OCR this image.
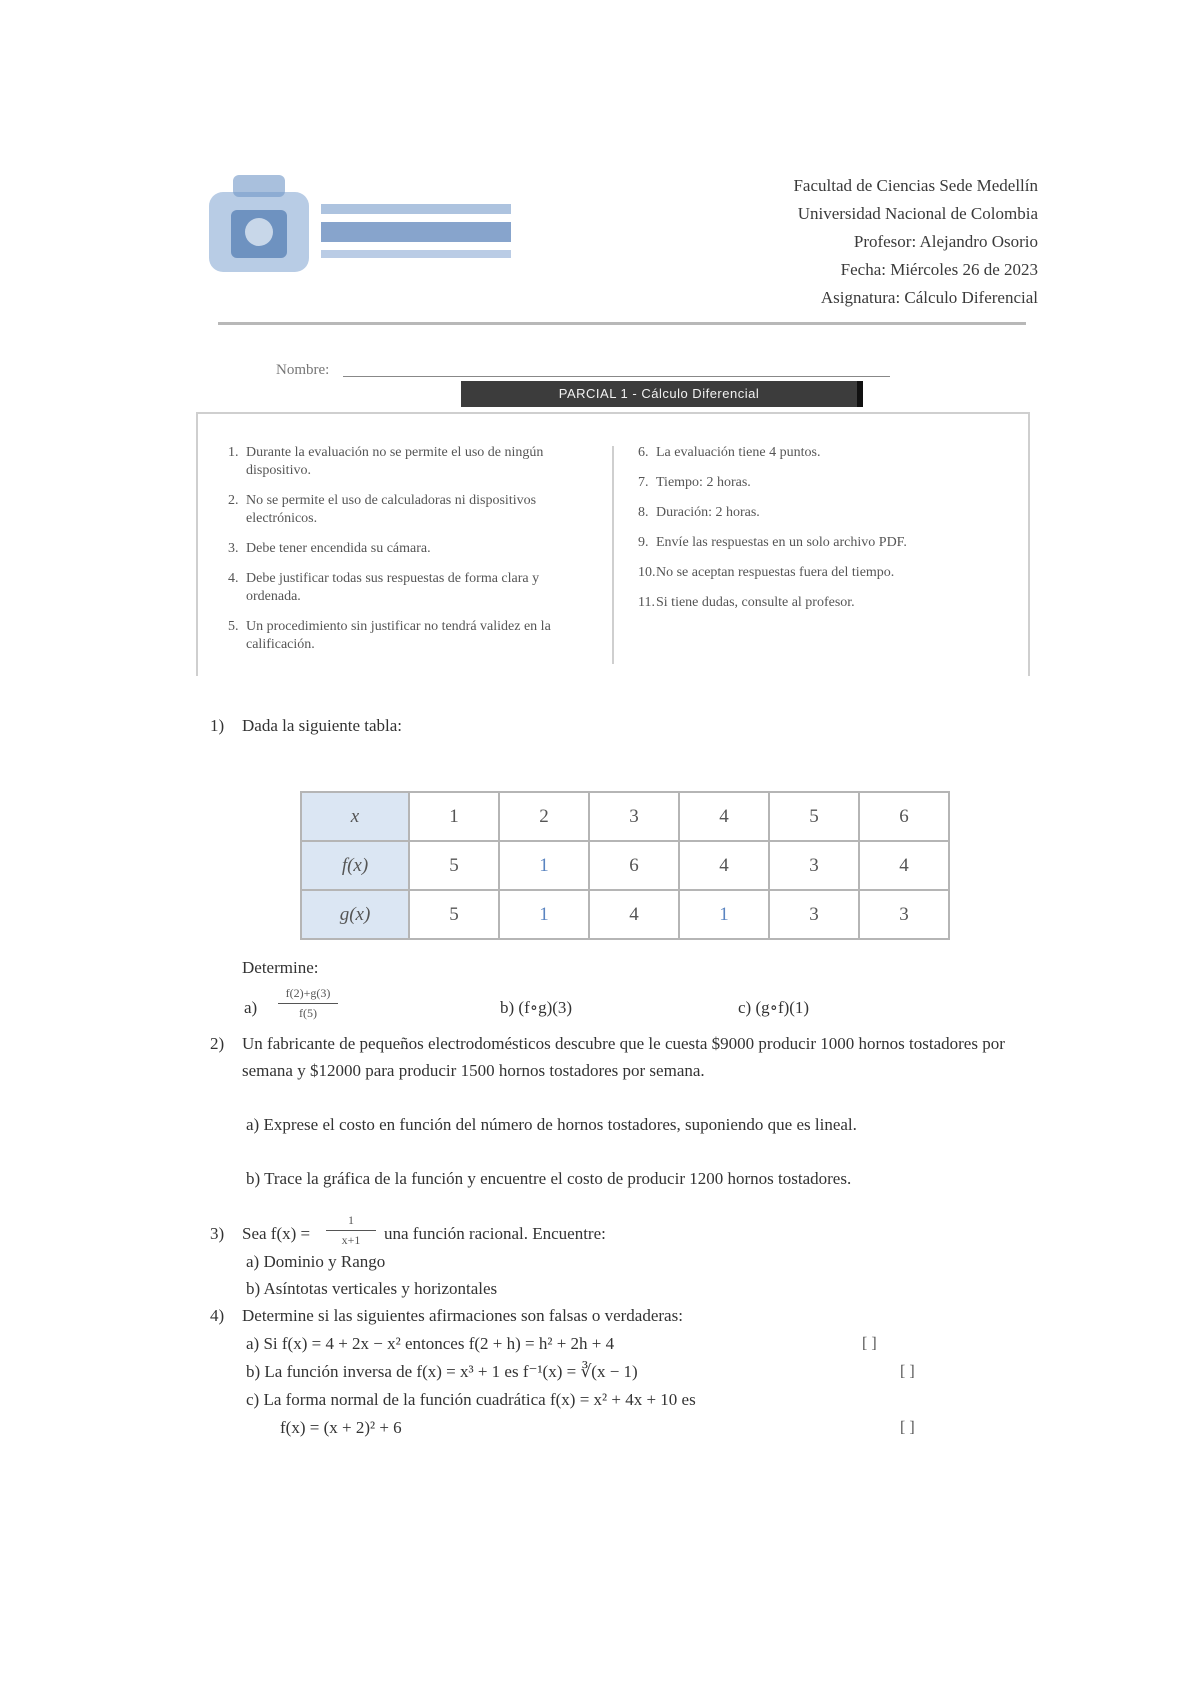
Facultad de Ciencias Sede Medellín
Universidad Nacional de Colombia
Profesor: Alejandro Osorio
Fecha: Miércoles 26 de 2023
Asignatura: Cálculo Diferencial
Nombre:
PARCIAL 1 - Cálculo Diferencial
1. Durante la evaluación no se permite el uso de ningún dispositivo.
2. No se permite el uso de calculadoras ni dispositivos electrónicos.
3. Debe tener encendida su cámara.
4. Debe justificar todas sus respuestas de forma clara y ordenada.
5. Un procedimiento sin justificar no tendrá validez en la calificación.
6. La evaluación tiene 4 puntos.
7. Tiempo: 2 horas.
8. Duración: 2 horas.
9. Envíe las respuestas en un solo archivo PDF.
10. No se aceptan respuestas fuera del tiempo.
11. Si tiene dudas, consulte al profesor.
1) Dada la siguiente tabla:
x	1	2	3	4	5	6
f(x)	5	1	6	4	3	4
g(x)	5	1	4	1	3	3
Determine:
a)
f(2)+g(3)
f(5)	b) (f∘g)(3)	c) (g∘f)(1)
2) Un fabricante de pequeños electrodomésticos descubre que le cuesta $9000 producir 1000 hornos tostadores por semana y $12000 para producir 1500 hornos tostadores por semana.
a) Exprese el costo en función del número de hornos tostadores, suponiendo que es lineal.
b) Trace la gráfica de la función y encuentre el costo de producir 1200 hornos tostadores.
3) Sea f(x) =
1
x+1	una función racional. Encuentre:
a) Dominio y Rango
b) Asíntotas verticales y horizontales
4) Determine si las siguientes afirmaciones son falsas o verdaderas:
a) Si f(x) = 4 + 2x − x² entonces f(2 + h) = h² + 2h + 4	[ ]
b) La función inversa de f(x) = x³ + 1 es f⁻¹(x) = ∛(x − 1)	[ ]
c) La forma normal de la función cuadrática f(x) = x² + 4x + 10 es
f(x) = (x + 2)² + 6	[ ]
